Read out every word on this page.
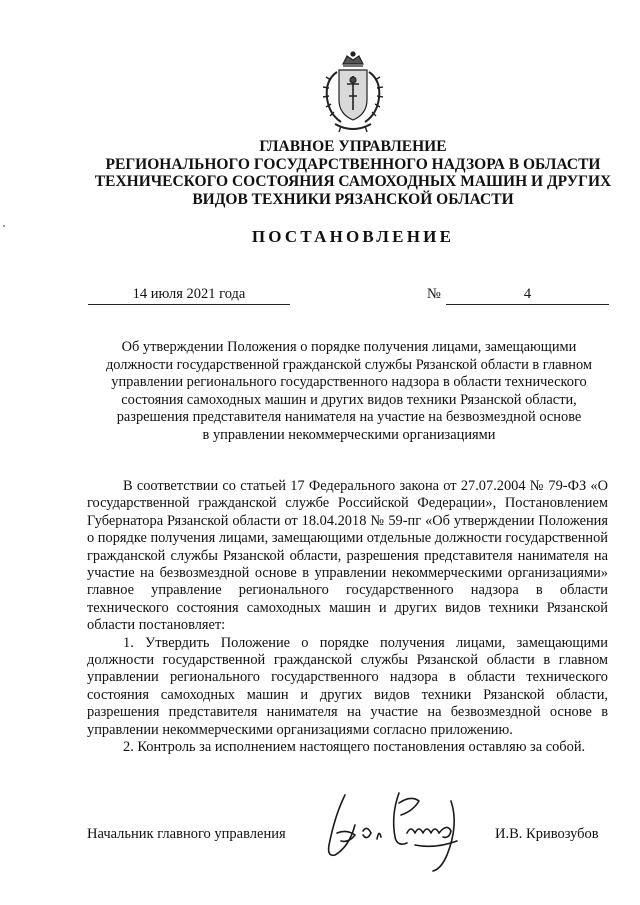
ГЛАВНОЕ УПРАВЛЕНИЕ
РЕГИОНАЛЬНОГО ГОСУДАРСТВЕННОГО НАДЗОРА В ОБЛАСТИ
ТЕХНИЧЕСКОГО СОСТОЯНИЯ САМОХОДНЫХ МАШИН И ДРУГИХ
ВИДОВ ТЕХНИКИ РЯЗАНСКОЙ ОБЛАСТИ
ПОСТАНОВЛЕНИЕ
14 июля 2021 года	№	4
Об утверждении Положения о порядке получения лицами, замещающими
должности государственной гражданской службы Рязанской области в главном
управлении регионального государственного надзора в области технического
состояния самоходных машин и других видов техники Рязанской области,
разрешения представителя нанимателя на участие на безвозмездной основе
в управлении некоммерческими организациями

В соответствии со статьей 17 Федерального закона от 27.07.2004 № 79-ФЗ «О государственной гражданской службе Российской Федерации», Постановлением Губернатора Рязанской области от 18.04.2018 № 59-пг «Об утверждении Положения о порядке получения лицами, замещающими отдельные должности государственной гражданской службы Рязанской области, разрешения представителя нанимателя на участие на безвозмездной основе в управлении некоммерческими организациями» главное управление регионального государственного надзора в области технического состояния самоходных машин и других видов техники Рязанской области постановляет:

1. Утвердить Положение о порядке получения лицами, замещающими должности государственной гражданской службы Рязанской области в главном управлении регионального государственного надзора в области технического состояния самоходных машин и других видов техники Рязанской области, разрешения представителя нанимателя на участие на безвозмездной основе в управлении некоммерческими организациями согласно приложению.

2. Контроль за исполнением настоящего постановления оставляю за собой.

Начальник главного управления	И.В. Кривозубов
